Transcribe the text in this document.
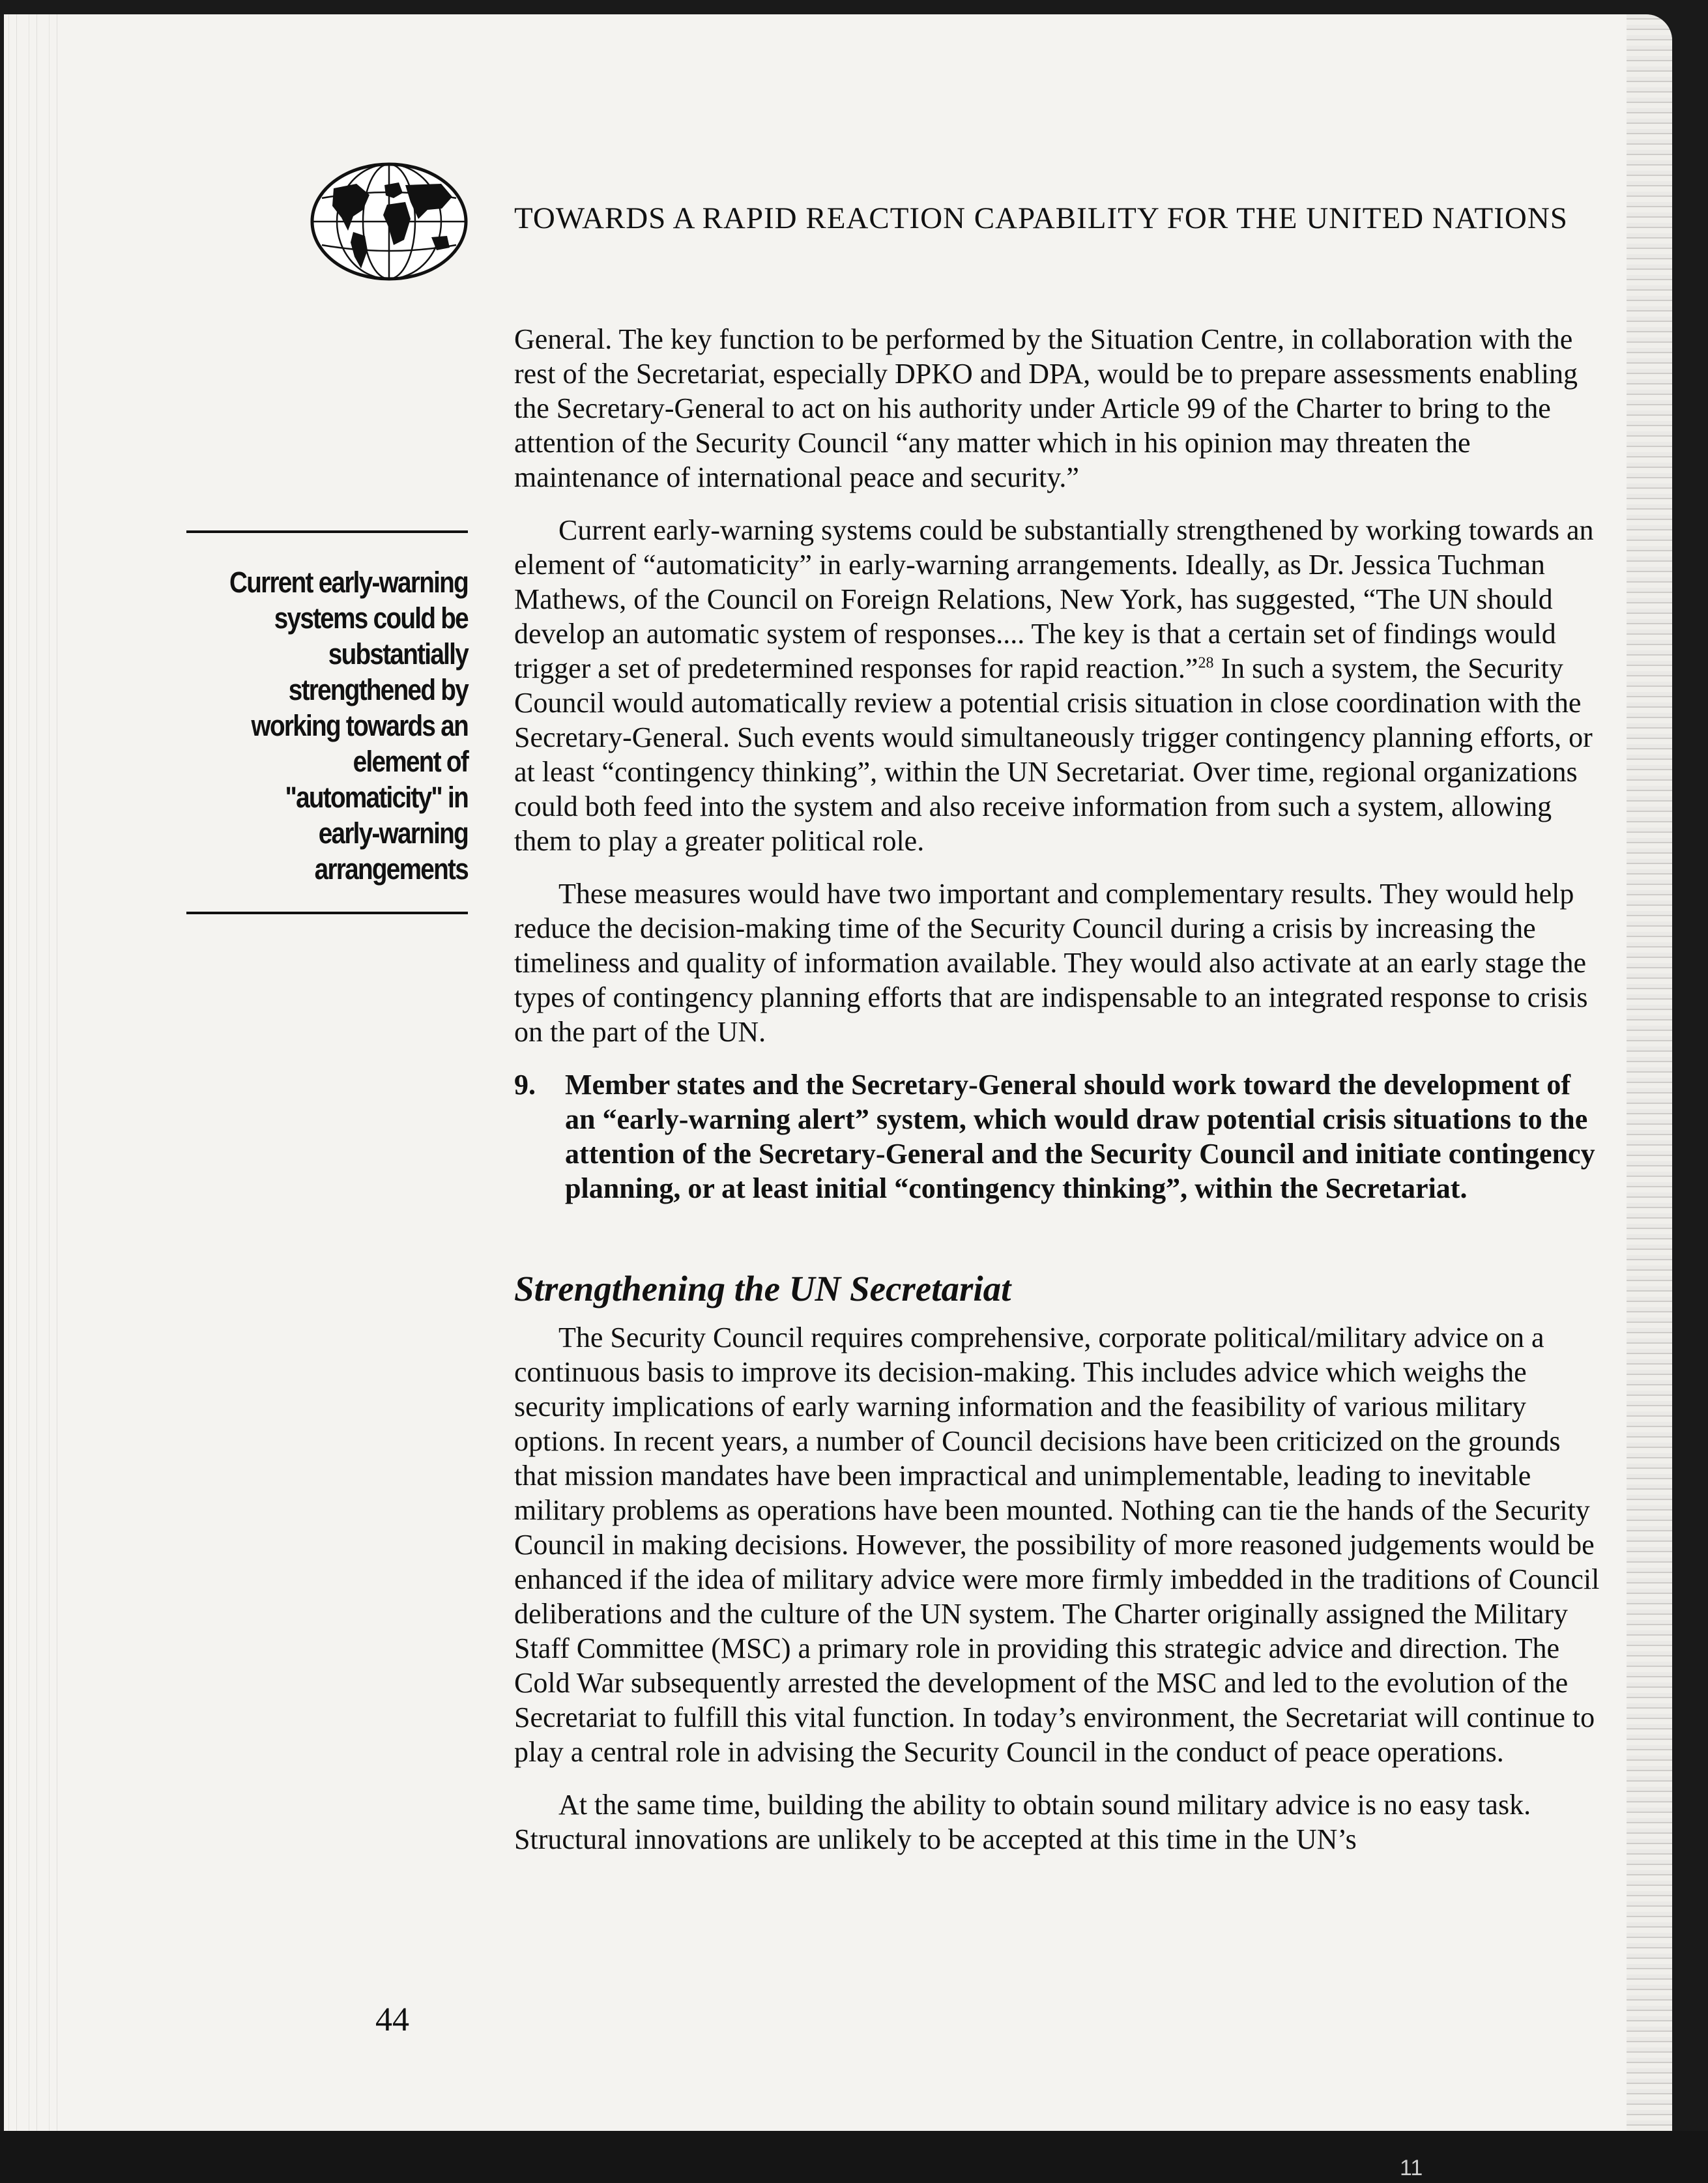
TOWARDS A RAPID REACTION CAPABILITY FOR THE UNITED NATIONS
Current early-warning systems could be substantially strengthened by working towards an element of "automaticity" in early-warning arrangements

General. The key function to be performed by the Situation Centre, in collaboration with the rest of the Secretariat, especially DPKO and DPA, would be to prepare assessments enabling the Secretary-General to act on his authority under Article 99 of the Charter to bring to the attention of the Security Council “any matter which in his opinion may threaten the maintenance of international peace and security.”

Current early-warning systems could be substantially strengthened by working towards an element of “automaticity” in early-warning arrangements. Ideally, as Dr. Jessica Tuchman Mathews, of the Council on Foreign Relations, New York, has suggested, “The UN should develop an automatic system of responses.... The key is that a certain set of findings would trigger a set of predetermined responses for rapid reaction.”$^{28}$ In such a system, the Security Council would automatically review a potential crisis situation in close coordination with the Secretary-General. Such events would simultaneously trigger contingency planning efforts, or at least “contingency thinking”, within the UN Secretariat. Over time, regional organizations could both feed into the system and also receive information from such a system, allowing them to play a greater political role.

These measures would have two important and complementary results. They would help reduce the decision-making time of the Security Council during a crisis by increasing the timeliness and quality of information available. They would also activate at an early stage the types of contingency planning efforts that are indispensable to an integrated response to crisis on the part of the UN.

9.	Member states and the Secretary-General should work toward the development of an “early-warning alert” system, which would draw potential crisis situations to the attention of the Secretary-General and the Security Council and initiate contingency planning, or at least initial “contingency thinking”, within the Secretariat.
Strengthening the UN Secretariat

The Security Council requires comprehensive, corporate political/military advice on a continuous basis to improve its decision-making. This includes advice which weighs the security implications of early warning information and the feasibility of various military options. In recent years, a number of Council decisions have been criticized on the grounds that mission mandates have been impractical and unimplementable, leading to inevitable military problems as operations have been mounted. Nothing can tie the hands of the Security Council in making decisions. However, the possibility of more reasoned judgements would be enhanced if the idea of military advice were more firmly imbedded in the traditions of Council deliberations and the culture of the UN system. The Charter originally assigned the Military Staff Committee (MSC) a primary role in providing this strategic advice and direction. The Cold War subsequently arrested the development of the MSC and led to the evolution of the Secretariat to fulfill this vital function. In today’s environment, the Secretariat will continue to play a central role in advising the Security Council in the conduct of peace operations.

At the same time, building the ability to obtain sound military advice is no easy task. Structural innovations are unlikely to be accepted at this time in the UN’s

44
11
